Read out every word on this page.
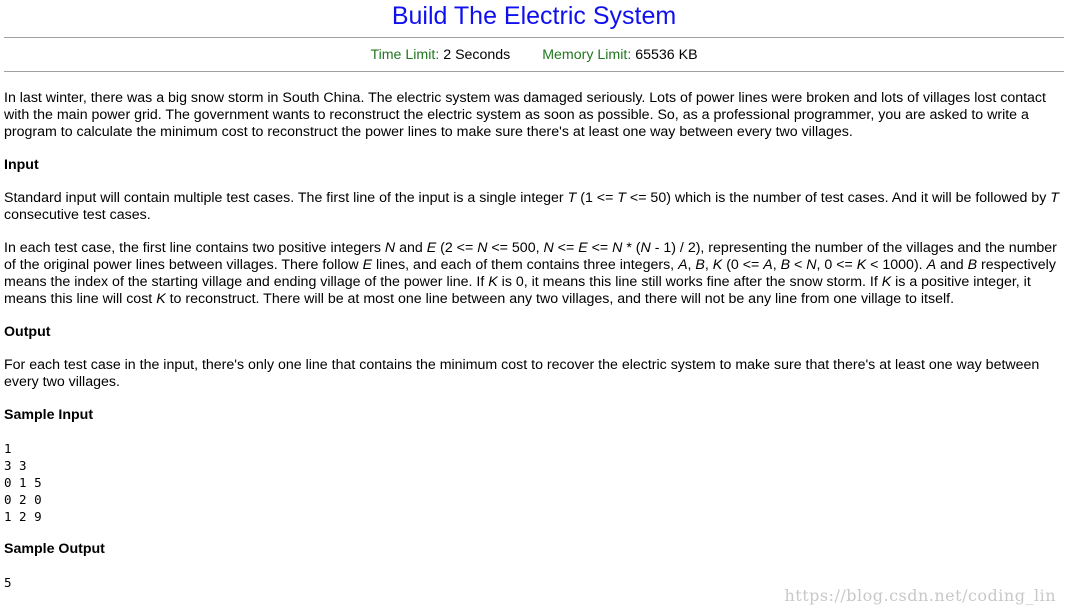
Build The Electric System
Time Limit: 2 Seconds Memory Limit: 65536 KB

In last winter, there was a big snow storm in South China. The electric system was damaged seriously. Lots of power lines were broken and lots of villages lost contact with the main power grid. The government wants to reconstruct the electric system as soon as possible. So, as a professional programmer, you are asked to write a program to calculate the minimum cost to reconstruct the power lines to make sure there's at least one way between every two villages.

Input

Standard input will contain multiple test cases. The first line of the input is a single integer T (1 <= T <= 50) which is the number of test cases. And it will be followed by T consecutive test cases.

In each test case, the first line contains two positive integers N and E (2 <= N <= 500, N <= E <= N * (N - 1) / 2), representing the number of the villages and the number of the original power lines between villages. There follow E lines, and each of them contains three integers, A, B, K (0 <= A, B < N, 0 <= K < 1000). A and B respectively means the index of the starting village and ending village of the power line. If K is 0, it means this line still works fine after the snow storm. If K is a positive integer, it means this line will cost K to reconstruct. There will be at most one line between any two villages, and there will not be any line from one village to itself.

Output

For each test case in the input, there's only one line that contains the minimum cost to recover the electric system to make sure that there's at least one way between every two villages.

Sample Input
1
3 3
0 1 5
0 2 0
1 2 9
Sample Output
5
https://blog.csdn.net/coding_lin
